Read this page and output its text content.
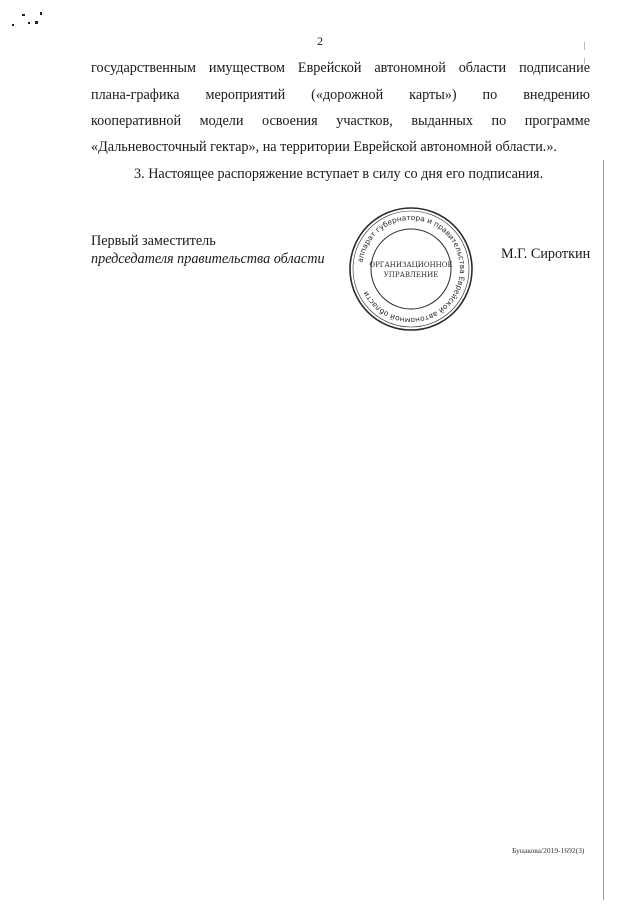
2
государственным имуществом Еврейской автономной области подписание
плана-графика мероприятий («дорожной карты») по внедрению
кооперативной модели освоения участков, выданных по программе
«Дальневосточный гектар», на территории Еврейской автономной области.».
3. Настоящее распоряжение вступает в силу со дня его подписания.
Первый заместитель
председателя правительства области	аппарат губернатора и правительства Еврейской автономной области
ОРГАНИЗАЦИОННОЕ
УПРАВЛЕНИЕ
М.Г. Сироткин
Бунакова/2019-1692(3)
